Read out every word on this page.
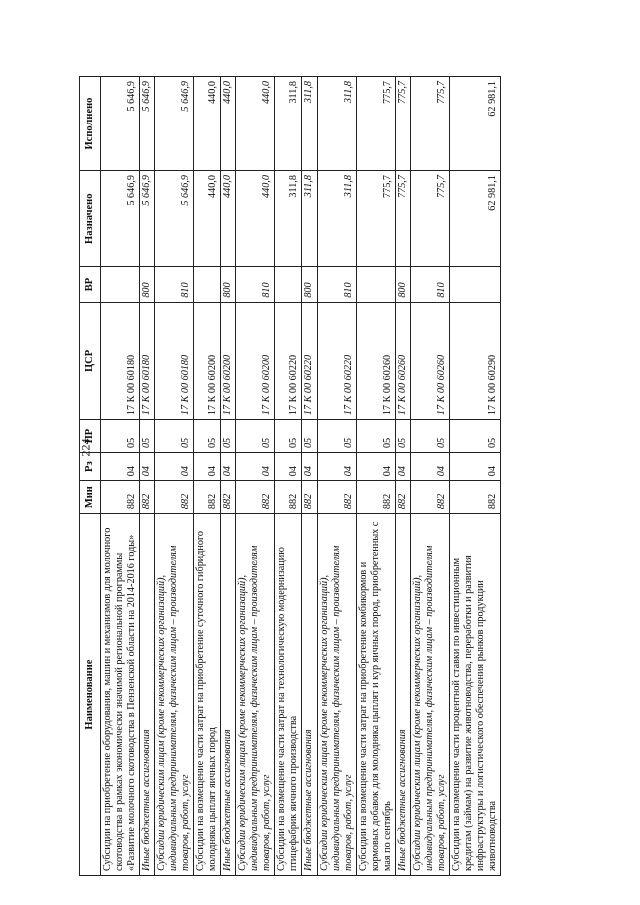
224
Наименование	Мин	Рз	ПР	ЦСР	ВР	Назначено	Исполнено
Субсидии на приобретение оборудования, машин и механизмов для молочного скотоводства в рамках экономически значимой региональной программы «Развитие молочного скотоводства в Пензенской области на 2014-2016 годы»	882	04	05	17 К 00 60180		5 646,9	5 646,9
Иные бюджетные ассигнования	882	04	05	17 К 00 60180	800	5 646,9	5 646,9
Субсидии юридическим лицам (кроме некоммерческих организаций), индивидуальным предпринимателям, физическим лицам – производителям товаров, работ, услуг	882	04	05	17 К 00 60180	810	5 646,9	5 646,9
Субсидии на возмещение части затрат на приобретение суточного гибридного молодняка цыплят яичных пород	882	04	05	17 К 00 60200		440,0	440,0
Иные бюджетные ассигнования	882	04	05	17 К 00 60200	800	440,0	440,0
Субсидии юридическим лицам (кроме некоммерческих организаций), индивидуальным предпринимателям, физическим лицам – производителям товаров, работ, услуг	882	04	05	17 К 00 60200	810	440,0	440,0
Субсидии на возмещение части затрат на технологическую модернизацию птицефабрик яичного производства	882	04	05	17 К 00 60220		311,8	311,8
Иные бюджетные ассигнования	882	04	05	17 К 00 60220	800	311,8	311,8
Субсидии юридическим лицам (кроме некоммерческих организаций), индивидуальным предпринимателям, физическим лицам – производителям товаров, работ, услуг	882	04	05	17 К 00 60220	810	311,8	311,8
Субсидии на возмещение части затрат на приобретение комбикормов и кормовых добавок для молодняка цыплят и кур яичных пород, приобретенных с мая по сентябрь	882	04	05	17 К 00 60260		775,7	775,7
Иные бюджетные ассигнования	882	04	05	17 К 00 60260	800	775,7	775,7
Субсидии юридическим лицам (кроме некоммерческих организаций), индивидуальным предпринимателям, физическим лицам – производителям товаров, работ, услуг	882	04	05	17 К 00 60260	810	775,7	775,7
Субсидии на возмещение части процентной ставки по инвестиционным кредитам (займам) на развитие животноводства, переработки и развития инфраструктуры и логистического обеспечения рынков продукции животноводства	882	04	05	17 К 00 60290		62 981,1	62 981,1
